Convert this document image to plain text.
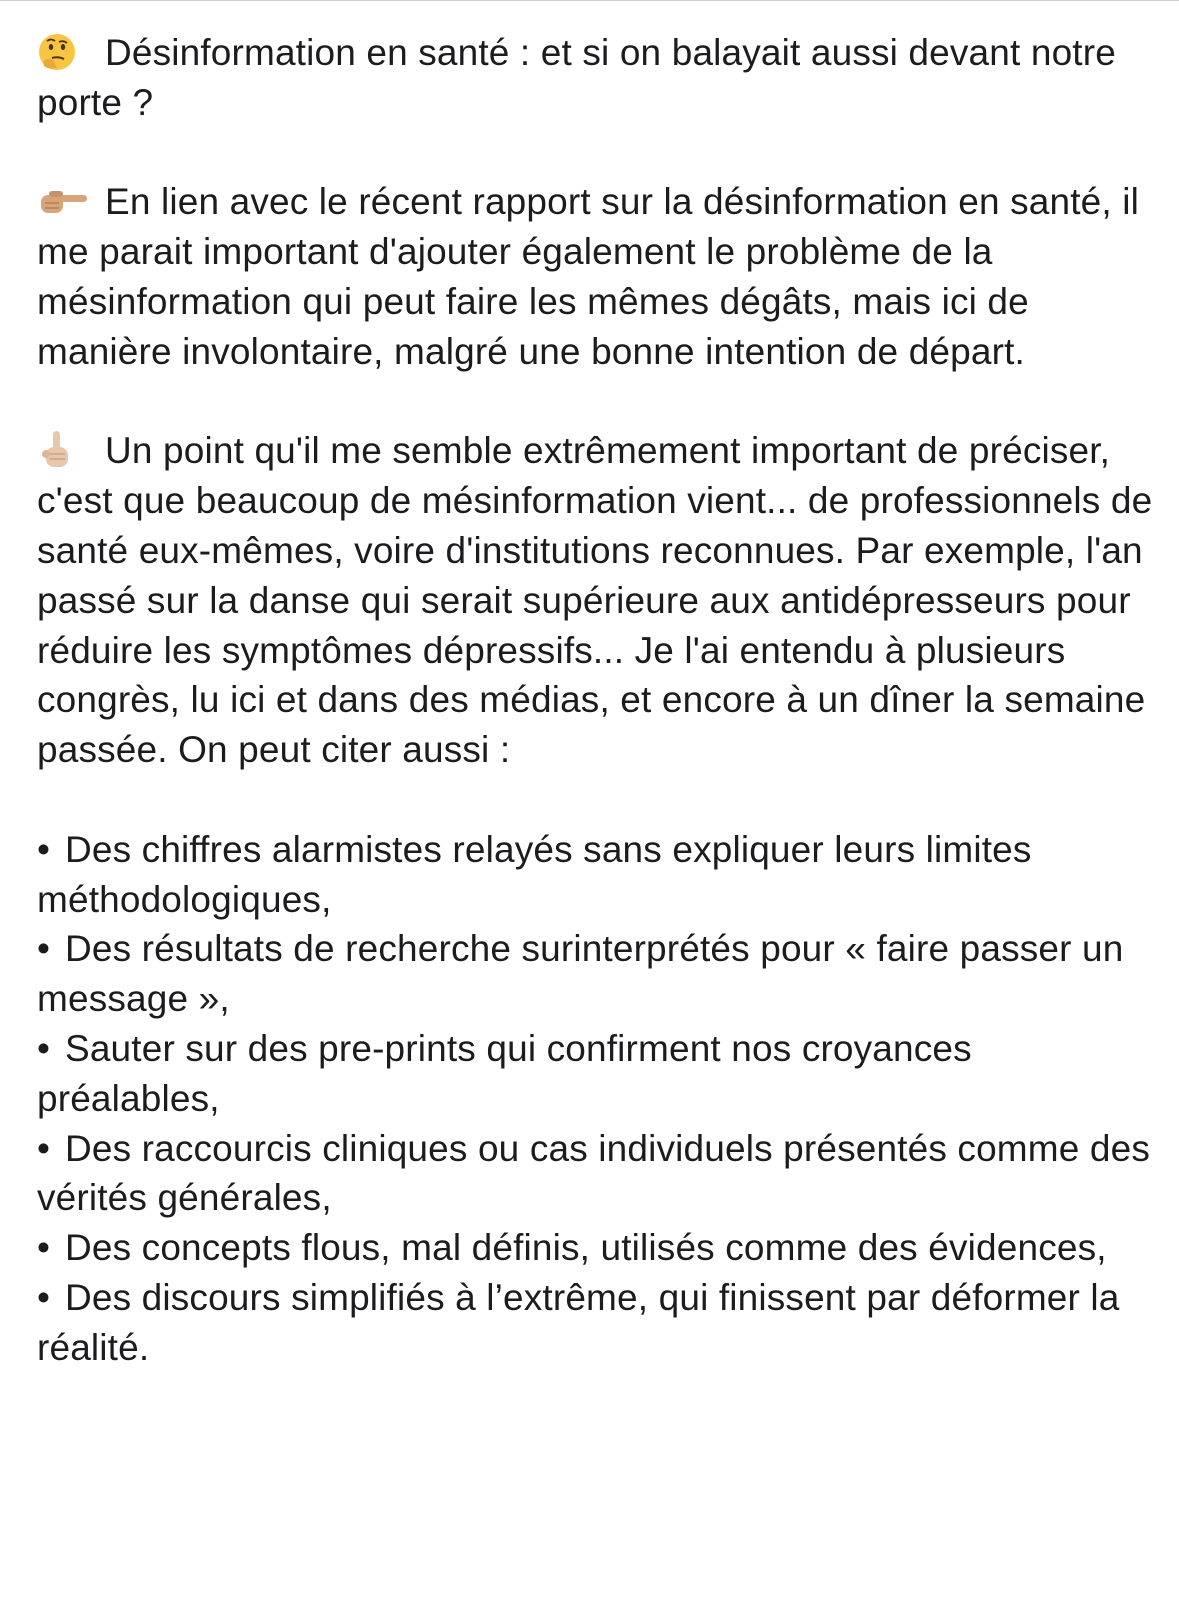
Désinformation en santé : et si on balayait aussi devant notre porte ?

En lien avec le récent rapport sur la désinformation en santé, il me parait important d'ajouter également le problème de la mésinformation qui peut faire les mêmes dégâts, mais ici de manière involontaire, malgré une bonne intention de départ.

Un point qu'il me semble extrêmement important de préciser, c'est que beaucoup de mésinformation vient... de professionnels de santé eux-mêmes, voire d'institutions reconnues. Par exemple, l'an passé sur la danse qui serait supérieure aux antidépresseurs pour réduire les symptômes dépressifs... Je l'ai entendu à plusieurs congrès, lu ici et dans des médias, et encore à un dîner la semaine passée. On peut citer aussi :

• Des chiffres alarmistes relayés sans expliquer leurs limites méthodologiques,

• Des résultats de recherche surinterprétés pour « faire passer un message »,

• Sauter sur des pre-prints qui confirment nos croyances préalables,

• Des raccourcis cliniques ou cas individuels présentés comme des vérités générales,

• Des concepts flous, mal définis, utilisés comme des évidences,

• Des discours simplifiés à l’extrême, qui finissent par déformer la réalité.
